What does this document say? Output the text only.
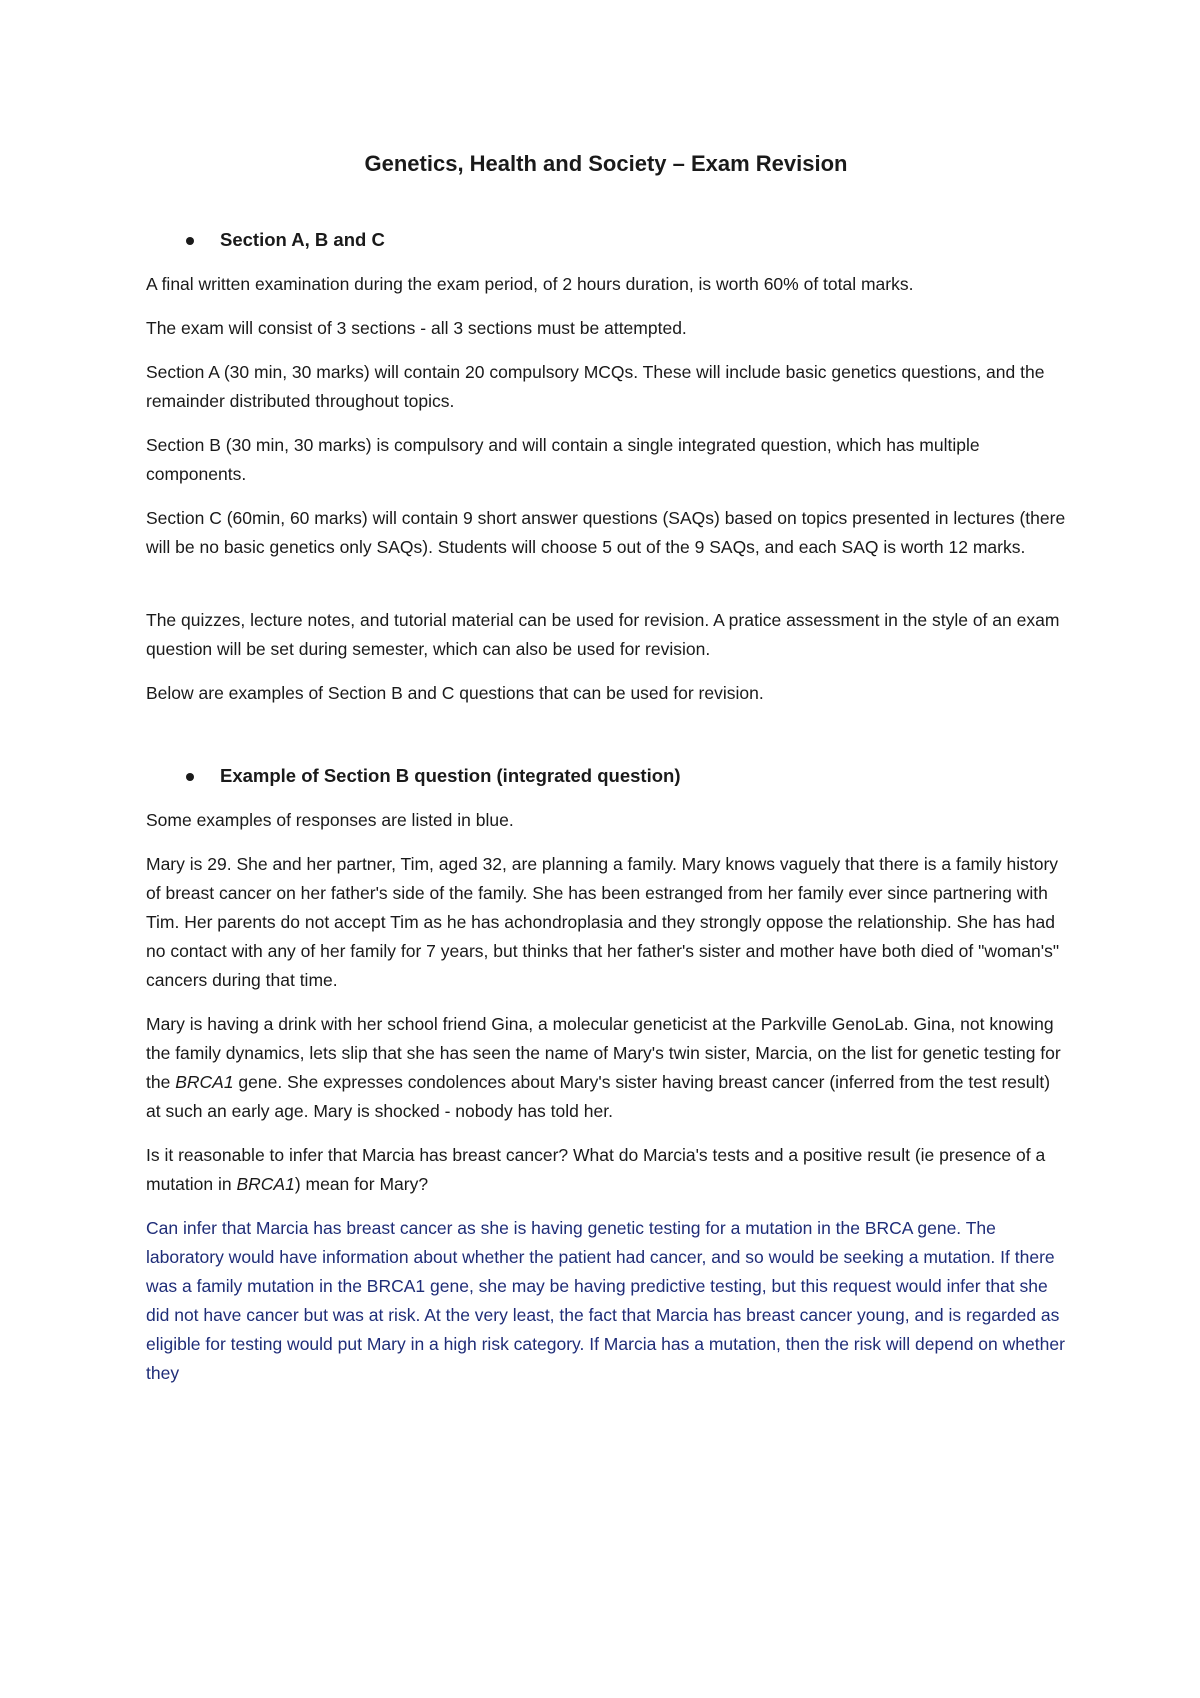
Genetics, Health and Society – Exam Revision
Section A, B and C

A final written examination during the exam period, of 2 hours duration, is worth 60% of total marks.

The exam will consist of 3 sections - all 3 sections must be attempted.

Section A (30 min, 30 marks) will contain 20 compulsory MCQs. These will include basic genetics questions, and the remainder distributed throughout topics.

Section B (30 min, 30 marks) is compulsory and will contain a single integrated question, which has multiple components.

Section C (60min, 60 marks) will contain 9 short answer questions (SAQs) based on topics presented in lectures (there will be no basic genetics only SAQs). Students will choose 5 out of the 9 SAQs, and each SAQ is worth 12 marks.

The quizzes, lecture notes, and tutorial material can be used for revision. A pratice assessment in the style of an exam question will be set during semester, which can also be used for revision.

Below are examples of Section B and C questions that can be used for revision.

Example of Section B question (integrated question)

Some examples of responses are listed in blue.

Mary is 29. She and her partner, Tim, aged 32, are planning a family. Mary knows vaguely that there is a family history of breast cancer on her father's side of the family. She has been estranged from her family ever since partnering with Tim. Her parents do not accept Tim as he has achondroplasia and they strongly oppose the relationship. She has had no contact with any of her family for 7 years, but thinks that her father's sister and mother have both died of "woman's" cancers during that time.

Mary is having a drink with her school friend Gina, a molecular geneticist at the Parkville GenoLab. Gina, not knowing the family dynamics, lets slip that she has seen the name of Mary's twin sister, Marcia, on the list for genetic testing for the BRCA1 gene. She expresses condolences about Mary's sister having breast cancer (inferred from the test result) at such an early age. Mary is shocked - nobody has told her.

Is it reasonable to infer that Marcia has breast cancer? What do Marcia's tests and a positive result (ie presence of a mutation in BRCA1) mean for Mary?

Can infer that Marcia has breast cancer as she is having genetic testing for a mutation in the BRCA gene. The laboratory would have information about whether the patient had cancer, and so would be seeking a mutation. If there was a family mutation in the BRCA1 gene, she may be having predictive testing, but this request would infer that she did not have cancer but was at risk. At the very least, the fact that Marcia has breast cancer young, and is regarded as eligible for testing would put Mary in a high risk category. If Marcia has a mutation, then the risk will depend on whether they
